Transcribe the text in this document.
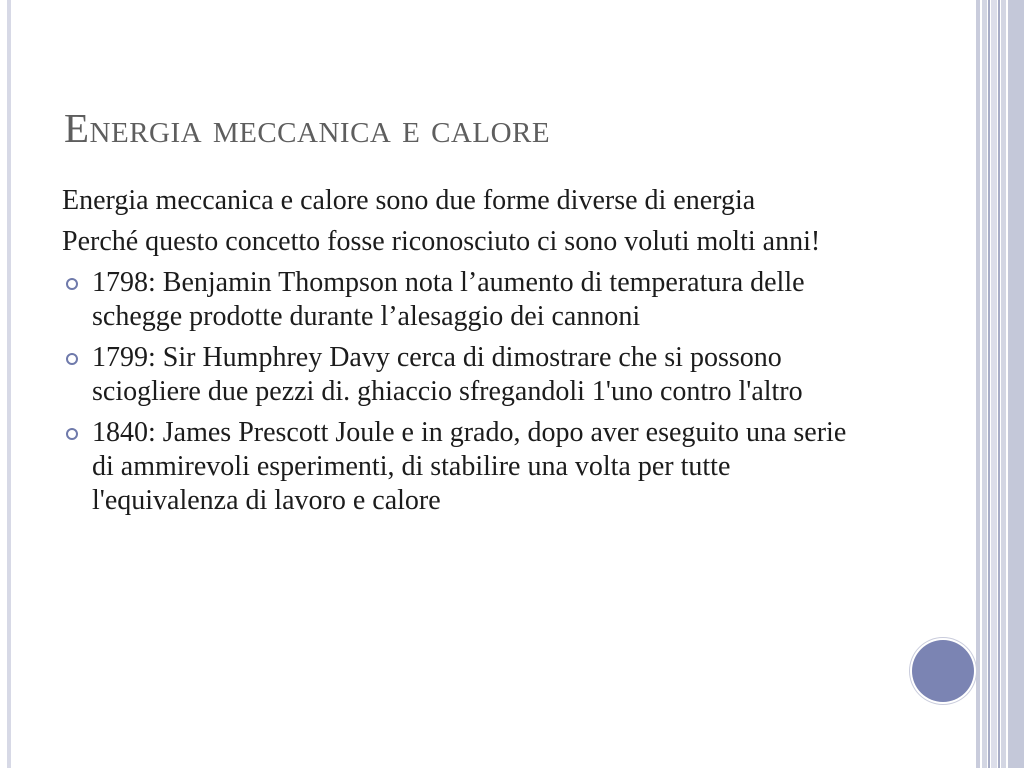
Energia meccanica e calore

Energia meccanica e calore sono due forme diverse di energia

Perché questo concetto fosse riconosciuto ci sono voluti molti anni!

1798: Benjamin Thompson nota l’aumento di temperatura delle schegge prodotte durante l’alesaggio dei cannoni
1799: Sir Humphrey Davy cerca di dimostrare che si possono sciogliere due pezzi di. ghiaccio sfregandoli 1'uno contro l'altro
1840: James Prescott Joule e in grado, dopo aver eseguito una serie di ammirevoli esperimenti, di stabilire una volta per tutte l'equivalenza di lavoro e calore
